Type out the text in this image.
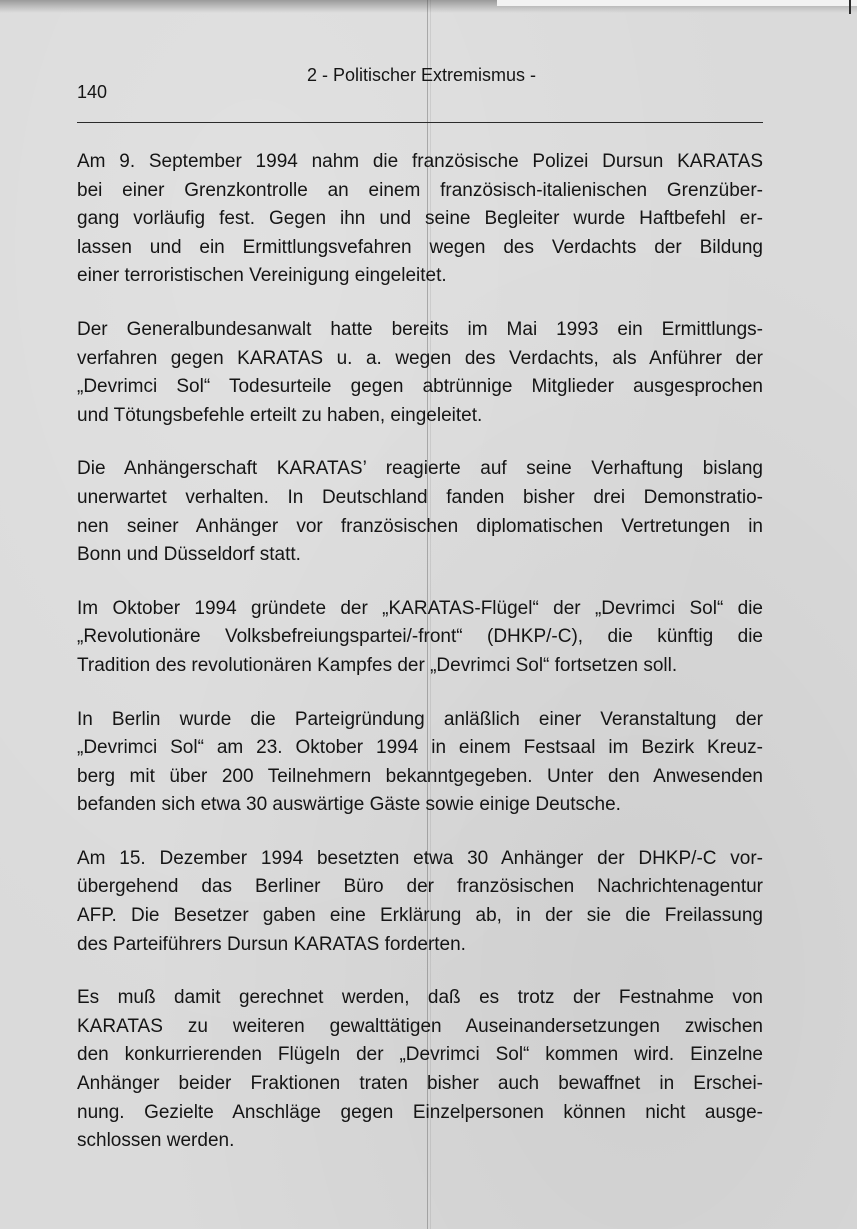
140
2 - Politischer Extremismus -

Am 9. September 1994 nahm die französische Polizei Dursun KARATAS
bei einer Grenzkontrolle an einem französisch-italienischen Grenzüber-
gang vorläufig fest. Gegen ihn und seine Begleiter wurde Haftbefehl er-
lassen und ein Ermittlungsvefahren wegen des Verdachts der Bildung
einer terroristischen Vereinigung eingeleitet.

Der Generalbundesanwalt hatte bereits im Mai 1993 ein Ermittlungs-
verfahren gegen KARATAS u. a. wegen des Verdachts, als Anführer der
„Devrimci Sol“ Todesurteile gegen abtrünnige Mitglieder ausgesprochen
und Tötungsbefehle erteilt zu haben, eingeleitet.

Die Anhängerschaft KARATAS’ reagierte auf seine Verhaftung bislang
unerwartet verhalten. In Deutschland fanden bisher drei Demonstratio-
nen seiner Anhänger vor französischen diplomatischen Vertretungen in
Bonn und Düsseldorf statt.

Im Oktober 1994 gründete der „KARATAS-Flügel“ der „Devrimci Sol“ die
„Revolutionäre Volksbefreiungspartei/-front“ (DHKP/-C), die künftig die
Tradition des revolutionären Kampfes der „Devrimci Sol“ fortsetzen soll.

In Berlin wurde die Parteigründung anläßlich einer Veranstaltung der
„Devrimci Sol“ am 23. Oktober 1994 in einem Festsaal im Bezirk Kreuz-
berg mit über 200 Teilnehmern bekanntgegeben. Unter den Anwesenden
befanden sich etwa 30 auswärtige Gäste sowie einige Deutsche.

Am 15. Dezember 1994 besetzten etwa 30 Anhänger der DHKP/-C vor-
übergehend das Berliner Büro der französischen Nachrichtenagentur
AFP. Die Besetzer gaben eine Erklärung ab, in der sie die Freilassung
des Parteiführers Dursun KARATAS forderten.

Es muß damit gerechnet werden, daß es trotz der Festnahme von
KARATAS zu weiteren gewalttätigen Auseinandersetzungen zwischen
den konkurrierenden Flügeln der „Devrimci Sol“ kommen wird. Einzelne
Anhänger beider Fraktionen traten bisher auch bewaffnet in Erschei-
nung. Gezielte Anschläge gegen Einzelpersonen können nicht ausge-
schlossen werden.
